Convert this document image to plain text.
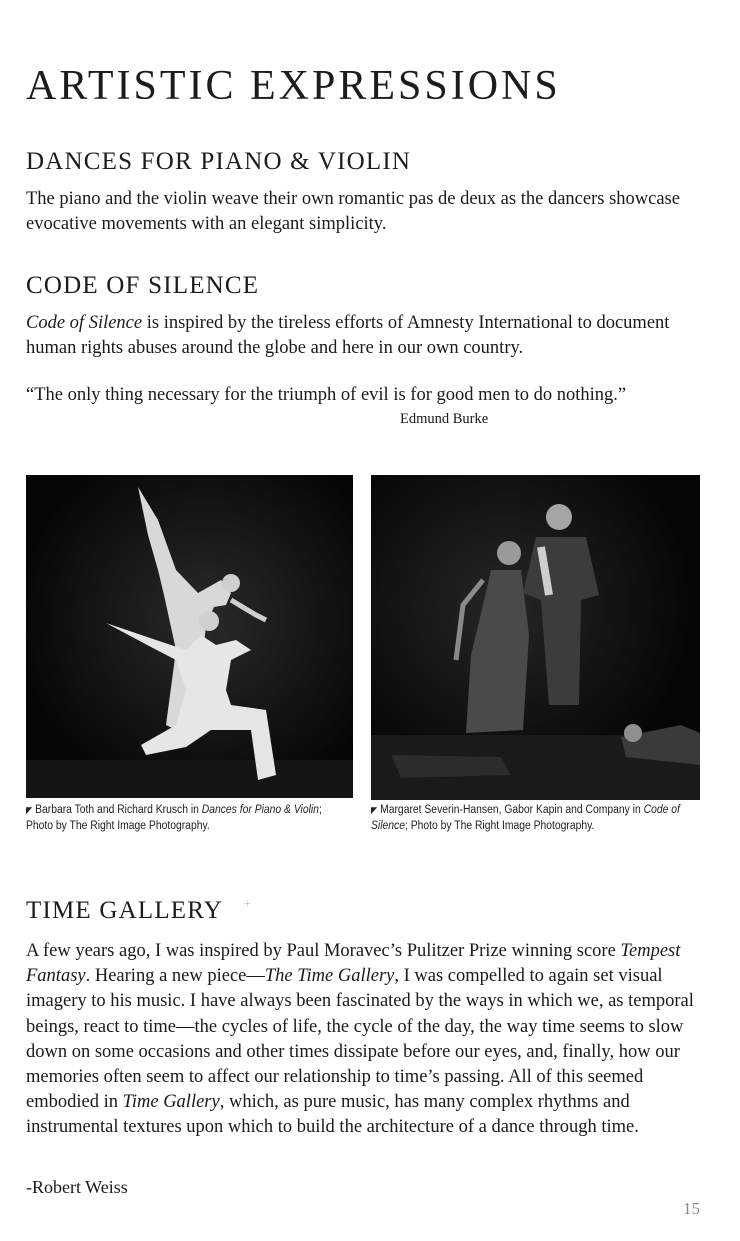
ARTISTIC EXPRESSIONS
DANCES FOR PIANO & VIOLIN

The piano and the violin weave their own romantic pas de deux as the dancers showcase evocative movements with an elegant simplicity.

CODE OF SILENCE

Code of Silence is inspired by the tireless efforts of Amnesty International to document human rights abuses around the globe and here in our own country.

“The only thing necessary for the triumph of evil is for good men to do nothing.”

Edmund Burke

◤ Barbara Toth and Richard Krusch in Dances for Piano & Violin; Photo by The Right Image Photography.

◤ Margaret Severin-Hansen, Gabor Kapin and Company in Code of Silence; Photo by The Right Image Photography.

TIME GALLERY +

A few years ago, I was inspired by Paul Moravec’s Pulitzer Prize winning score Tempest Fantasy. Hearing a new piece—The Time Gallery, I was compelled to again set visual imagery to his music. I have always been fascinated by the ways in which we, as temporal beings, react to time—the cycles of life, the cycle of the day, the way time seems to slow down on some occasions and other times dissipate before our eyes, and, finally, how our memories often seem to affect our relationship to time’s passing. All of this seemed embodied in Time Gallery, which, as pure music, has many complex rhythms and instrumental textures upon which to build the architecture of a dance through time.

-Robert Weiss

15
